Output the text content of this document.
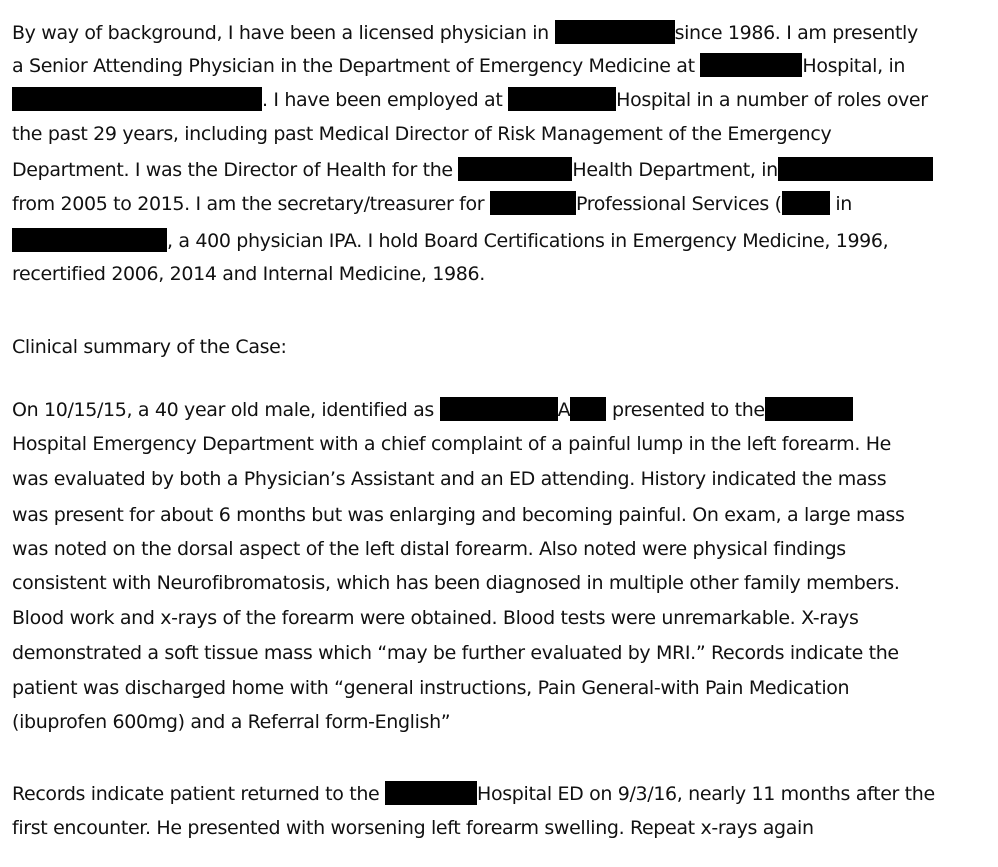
By way of background, I have been a licensed physician in	since 1986. I am presently
a Senior Attending Physician in the Department of Emergency Medicine at	Hospital, in
. I have been employed at	Hospital in a number of roles over
the past 29 years, including past Medical Director of Risk Management of the Emergency
Department. I was the Director of Health for the	Health Department, in
from 2005 to 2015. I am the secretary/treasurer for	Professional Services (	in
, a 400 physician IPA. I hold Board Certifications in Emergency Medicine, 1996,
recertified 2006, 2014 and Internal Medicine, 1986.
Clinical summary of the Case:
On 10/15/15, a 40 year old male, identified as	A presented to the
Hospital Emergency Department with a chief complaint of a painful lump in the left forearm. He
was evaluated by both a Physician’s Assistant and an ED attending. History indicated the mass
was present for about 6 months but was enlarging and becoming painful. On exam, a large mass
was noted on the dorsal aspect of the left distal forearm. Also noted were physical findings
consistent with Neurofibromatosis, which has been diagnosed in multiple other family members.
Blood work and x-rays of the forearm were obtained. Blood tests were unremarkable. X-rays
demonstrated a soft tissue mass which “may be further evaluated by MRI.” Records indicate the
patient was discharged home with “general instructions, Pain General-with Pain Medication
(ibuprofen 600mg) and a Referral form-English”
Records indicate patient returned to the	Hospital ED on 9/3/16, nearly 11 months after the
first encounter. He presented with worsening left forearm swelling. Repeat x-rays again
